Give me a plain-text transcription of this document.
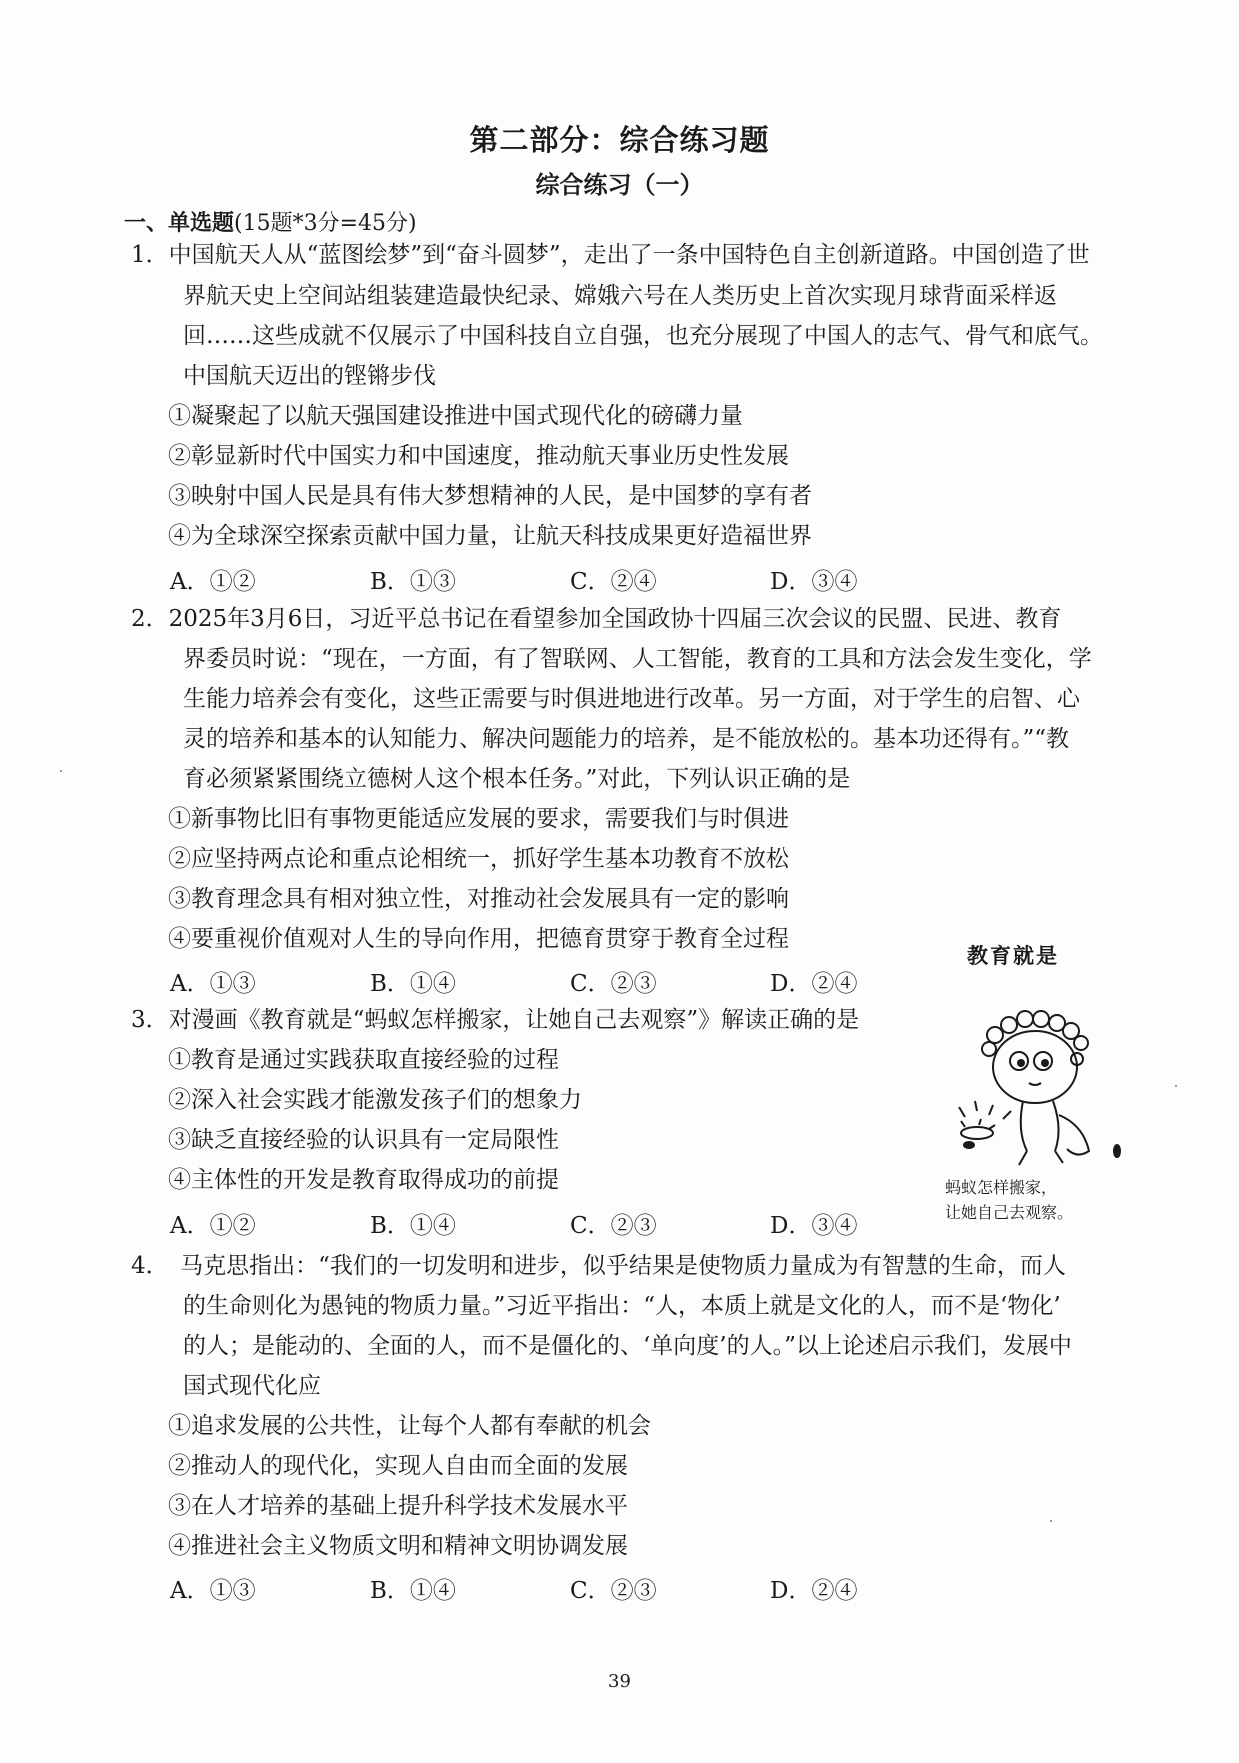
第二部分：综合练习题
综合练习（一）
一、单选题(15题*3分=45分)
1．中国航天人从“蓝图绘梦”到“奋斗圆梦”，走出了一条中国特色自主创新道路。中国创造了世
界航天史上空间站组装建造最快纪录、嫦娥六号在人类历史上首次实现月球背面采样返
回……这些成就不仅展示了中国科技自立自强，也充分展现了中国人的志气、骨气和底气。
中国航天迈出的铿锵步伐
①凝聚起了以航天强国建设推进中国式现代化的磅礴力量
②彰显新时代中国实力和中国速度，推动航天事业历史性发展
③映射中国人民是具有伟大梦想精神的人民，是中国梦的享有者
④为全球深空探索贡献中国力量，让航天科技成果更好造福世界
A．①②	B．①③	C．②④	D．③④
2．2025年3月6日，习近平总书记在看望参加全国政协十四届三次会议的民盟、民进、教育
界委员时说：“现在，一方面，有了智联网、人工智能，教育的工具和方法会发生变化，学
生能力培养会有变化，这些正需要与时俱进地进行改革。另一方面，对于学生的启智、心
灵的培养和基本的认知能力、解决问题能力的培养，是不能放松的。基本功还得有。”“教
育必须紧紧围绕立德树人这个根本任务。”对此，下列认识正确的是
①新事物比旧有事物更能适应发展的要求，需要我们与时俱进
②应坚持两点论和重点论相统一，抓好学生基本功教育不放松
③教育理念具有相对独立性，对推动社会发展具有一定的影响
④要重视价值观对人生的导向作用，把德育贯穿于教育全过程
A．①③	B．①④	C．②③	D．②④
3．对漫画《教育就是“蚂蚁怎样搬家，让她自己去观察”》解读正确的是
①教育是通过实践获取直接经验的过程
②深入社会实践才能激发孩子们的想象力
③缺乏直接经验的认识具有一定局限性
④主体性的开发是教育取得成功的前提
A．①②	B．①④	C．②③	D．③④
4．　马克思指出：“我们的一切发明和进步，似乎结果是使物质力量成为有智慧的生命，而人
的生命则化为愚钝的物质力量。”习近平指出：“人，本质上就是文化的人，而不是‘物化’
的人；是能动的、全面的人，而不是僵化的、‘单向度’的人。”以上论述启示我们，发展中
国式现代化应
①追求发展的公共性，让每个人都有奉献的机会
②推动人的现代化，实现人自由而全面的发展
③在人才培养的基础上提升科学技术发展水平
④推进社会主义物质文明和精神文明协调发展
A．①③	B．①④	C．②③	D．②④
教育就是
蚂蚁怎样搬家，
让她自己去观察。
39
